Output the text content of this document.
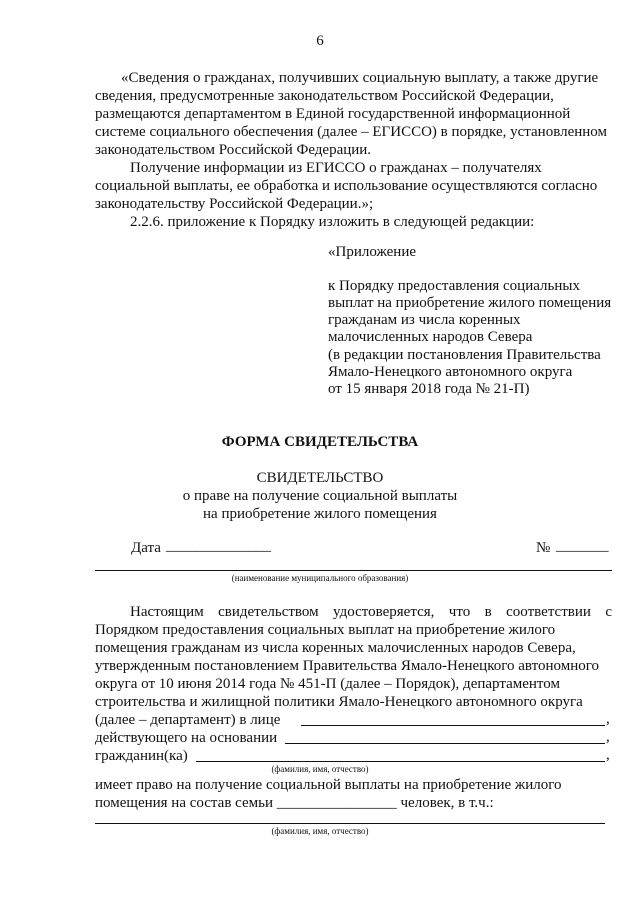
6
«Сведения о гражданах, получивших социальную выплату, а также другие
сведения, предусмотренные законодательством Российской Федерации,
размещаются департаментом в Единой государственной информационной
системе социального обеспечения (далее – ЕГИССО) в порядке, установленном
законодательством Российской Федерации.
Получение информации из ЕГИССО о гражданах – получателях
социальной выплаты, ее обработка и использование осуществляются согласно
законодательству Российской Федерации.»;
2.2.6. приложение к Порядку изложить в следующей редакции:
«Приложение
к Порядку предоставления социальных
выплат на приобретение жилого помещения
гражданам из числа коренных
малочисленных народов Севера
(в редакции постановления Правительства
Ямало-Ненецкого автономного округа
от 15 января 2018 года № 21-П)
ФОРМА СВИДЕТЕЛЬСТВА
СВИДЕТЕЛЬСТВО
о праве на получение социальной выплаты
на приобретение жилого помещения
Дата ______________	№ _______
(наименование муниципального образования)
Настоящим свидетельством удостоверяется, что в соответствии с
Порядком предоставления социальных выплат на приобретение жилого
помещения гражданам из числа коренных малочисленных народов Севера,
утвержденным постановлением Правительства Ямало-Ненецкого автономного
округа от 10 июня 2014 года № 451-П (далее – Порядок), департаментом
строительства и жилищной политики Ямало-Ненецкого автономного округа
(далее – департамент) в лице	,
действующего на основании	,
гражданин(ка)	,
(фамилия, имя, отчество)
имеет право на получение социальной выплаты на приобретение жилого
помещения на состав семьи ________________ человек, в т.ч.:
(фамилия, имя, отчество)
